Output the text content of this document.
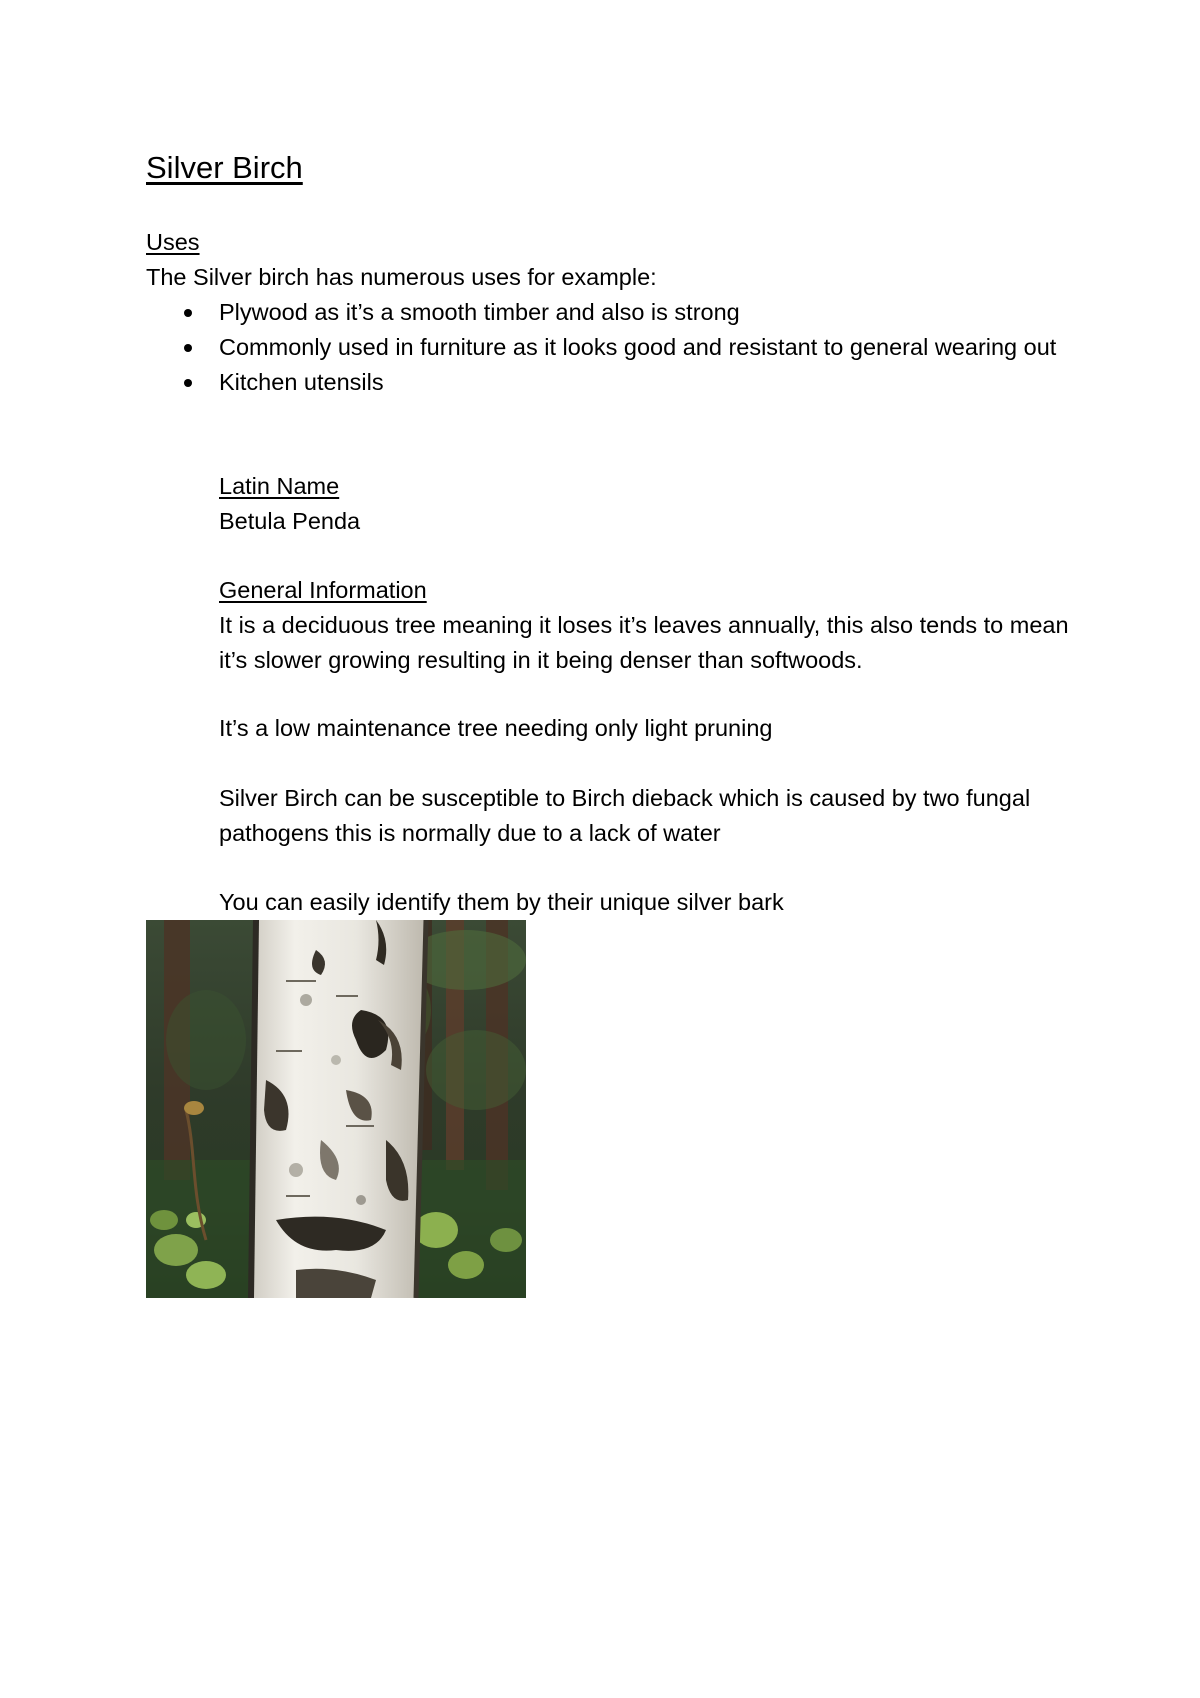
Silver Birch
Uses
The Silver birch has numerous uses for example:
Plywood as it’s a smooth timber and also is strong
Commonly used in furniture as it looks good and resistant to general wearing out
Kitchen utensils
Latin Name
Betula Penda
General Information

It is a deciduous tree meaning it loses it’s leaves annually, this also tends to mean it’s slower growing resulting in it being denser than softwoods.

It’s a low maintenance tree needing only light pruning

Silver Birch can be susceptible to Birch dieback which is caused by two fungal pathogens this is normally due to a lack of water

You can easily identify them by their unique silver bark
